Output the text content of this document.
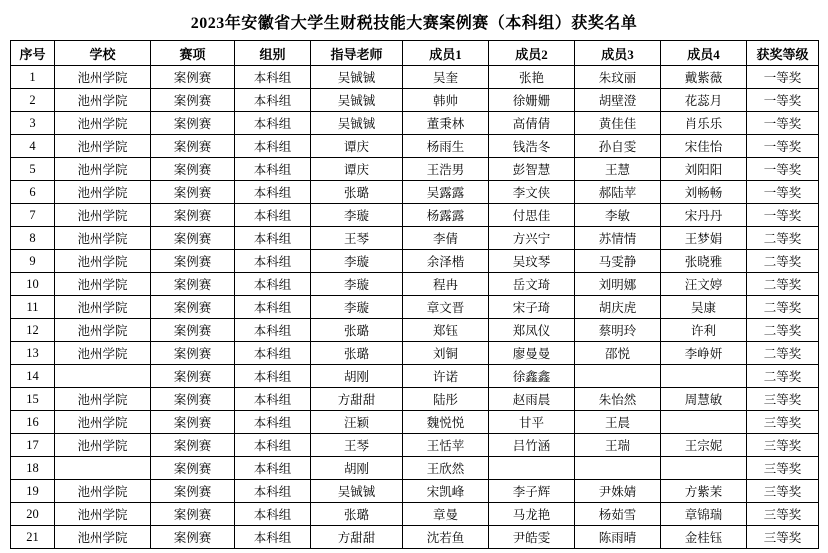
2023年安徽省大学生财税技能大赛案例赛（本科组）获奖名单
序号	学校	赛项	组别	指导老师	成员1	成员2	成员3	成员4	获奖等级
1	池州学院	案例赛	本科组	吴铖铖	吴奎	张艳	朱玟丽	戴紫薇	一等奖
2	池州学院	案例赛	本科组	吴铖铖	韩帅	徐姗姗	胡壁澄	花蕊月	一等奖
3	池州学院	案例赛	本科组	吴铖铖	董秉林	高倩倩	黄佳佳	肖乐乐	一等奖
4	池州学院	案例赛	本科组	谭庆	杨雨生	钱浩冬	孙自雯	宋佳怡	一等奖
5	池州学院	案例赛	本科组	谭庆	王浩男	彭智慧	王慧	刘阳阳	一等奖
6	池州学院	案例赛	本科组	张璐	吴露露	李文侠	郝陆苹	刘畅畅	一等奖
7	池州学院	案例赛	本科组	李璇	杨露露	付思佳	李敏	宋丹丹	一等奖
8	池州学院	案例赛	本科组	王琴	李倩	方兴宁	苏情情	王梦娟	二等奖
9	池州学院	案例赛	本科组	李璇	余泽楷	吴玟琴	马雯静	张晓雅	二等奖
10	池州学院	案例赛	本科组	李璇	程冉	岳文琦	刘明娜	汪文婷	二等奖
11	池州学院	案例赛	本科组	李璇	章文晋	宋子琦	胡庆虎	吴康	二等奖
12	池州学院	案例赛	本科组	张璐	郑钰	郑凤仪	蔡明玲	许利	二等奖
13	池州学院	案例赛	本科组	张璐	刘铜	廖曼曼	邵悦	李峥妍	二等奖
14		案例赛	本科组	胡刚	许诺	徐鑫鑫			二等奖
15	池州学院	案例赛	本科组	方甜甜	陆彤	赵雨晨	朱怡然	周慧敏	三等奖
16	池州学院	案例赛	本科组	汪颖	魏悦悦	甘平	王晨		三等奖
17	池州学院	案例赛	本科组	王琴	王恬苹	吕竹涵	王瑞	王宗妮	三等奖
18		案例赛	本科组	胡刚	王欣然				三等奖
19	池州学院	案例赛	本科组	吴铖铖	宋凯峰	李子辉	尹姝婧	方紫茉	三等奖
20	池州学院	案例赛	本科组	张璐	章曼	马龙艳	杨茹雪	章锦瑞	三等奖
21	池州学院	案例赛	本科组	方甜甜	沈若鱼	尹皓雯	陈雨晴	金桂钰	三等奖
